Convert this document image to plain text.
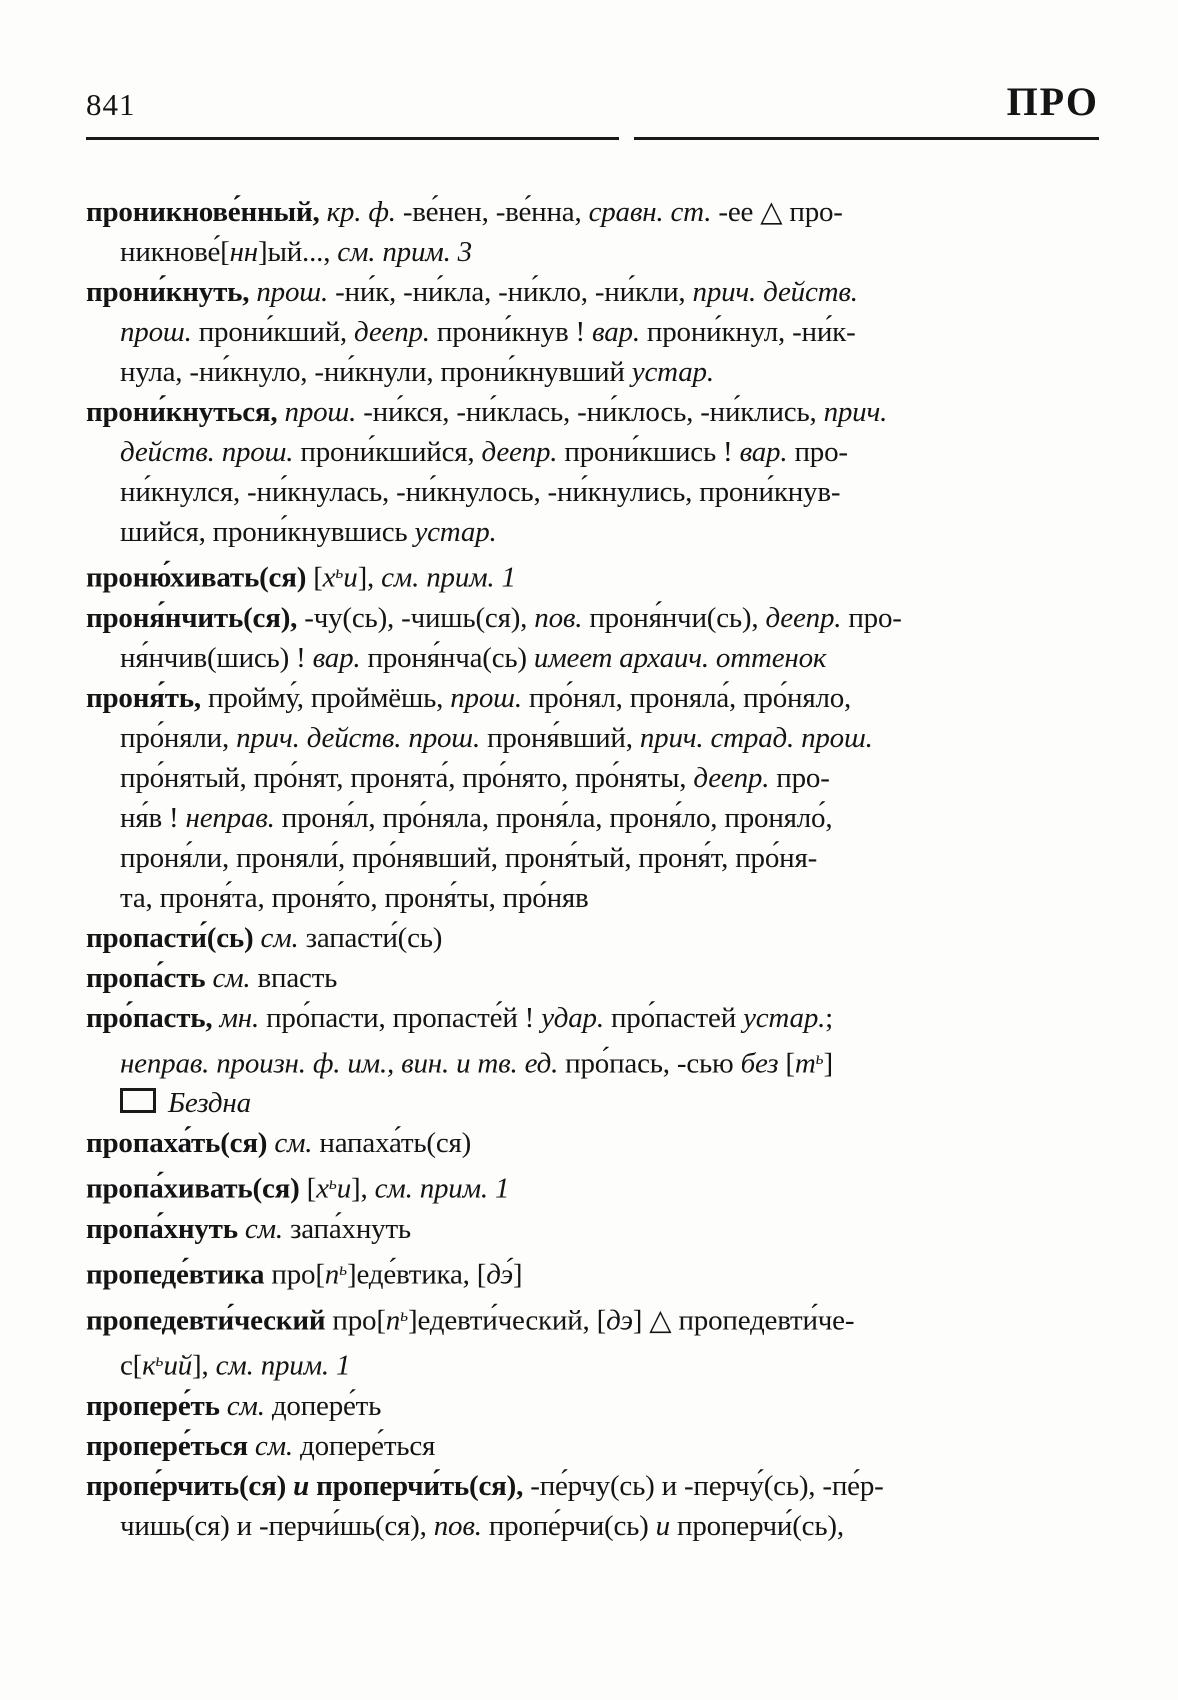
841	ПРО
проникнове́нный, кр. ф. -ве́нен, -ве́нна, сравн. ст. -ее △ про-
никнове́[нн]ый..., см. прим. 3
прони́кнуть, прош. -ни́к, -ни́кла, -ни́кло, -ни́кли, прич. действ.
прош. прони́кший, деепр. прони́кнув ! вар. прони́кнул, -ни́к-
нула, -ни́кнуло, -ни́кнули, прони́кнувший устар.
прони́кнуться, прош. -ни́кся, -ни́клась, -ни́клось, -ни́клись, прич.
действ. прош. прони́кшийся, деепр. прони́кшись ! вар. про-
ни́кнулся, -ни́кнулась, -ни́кнулось, -ни́кнулись, прони́кнув-
шийся, прони́кнувшись устар.
проню́хивать(ся) $[х^ьи]$, см. прим. 1
проня́нчить(ся), -чу(сь), -чишь(ся), пов. проня́нчи(сь), деепр. про-
ня́нчив(шись) ! вар. проня́нча(сь) имеет архаич. оттенок
проня́ть, пройму́, проймёшь, прош. про́нял, проняла́, про́няло,
про́няли, прич. действ. прош. проня́вший, прич. страд. прош.
про́нятый, про́нят, пронята́, про́нято, про́няты, деепр. про-
ня́в ! неправ. проня́л, про́няла, проня́ла, проня́ло, проняло́,
проня́ли, проняли́, про́нявший, проня́тый, проня́т, про́ня-
та, проня́та, проня́то, проня́ты, про́няв
пропасти́(сь) см. запасти́(сь)
пропа́сть см. впасть
про́пасть, мн. про́пасти, пропасте́й ! удар. про́пастей устар.;
неправ. произн. ф. им., вин. и тв. ед. про́пась, -сью без $[т^ь]$
Бездна
пропаха́ть(ся) см. напаха́ть(ся)
пропа́хивать(ся) $[х^ьи]$, см. прим. 1
пропа́хнуть см. запа́хнуть
пропеде́втика $про[п^ь]еде́втика$, [дэ́]
пропедевти́ческий $про[п^ь]едевти́ческий$, [дэ] △ пропедевти́че-
$с[к^ьий]$, см. прим. 1
пропере́ть см. допере́ть
пропере́ться см. допере́ться
пропе́рчить(ся) и проперчи́ть(ся), -пе́рчу(сь) и -перчу́(сь), -пе́р-
чишь(ся) и -перчи́шь(ся), пов. пропе́рчи(сь) и проперчи́(сь),
